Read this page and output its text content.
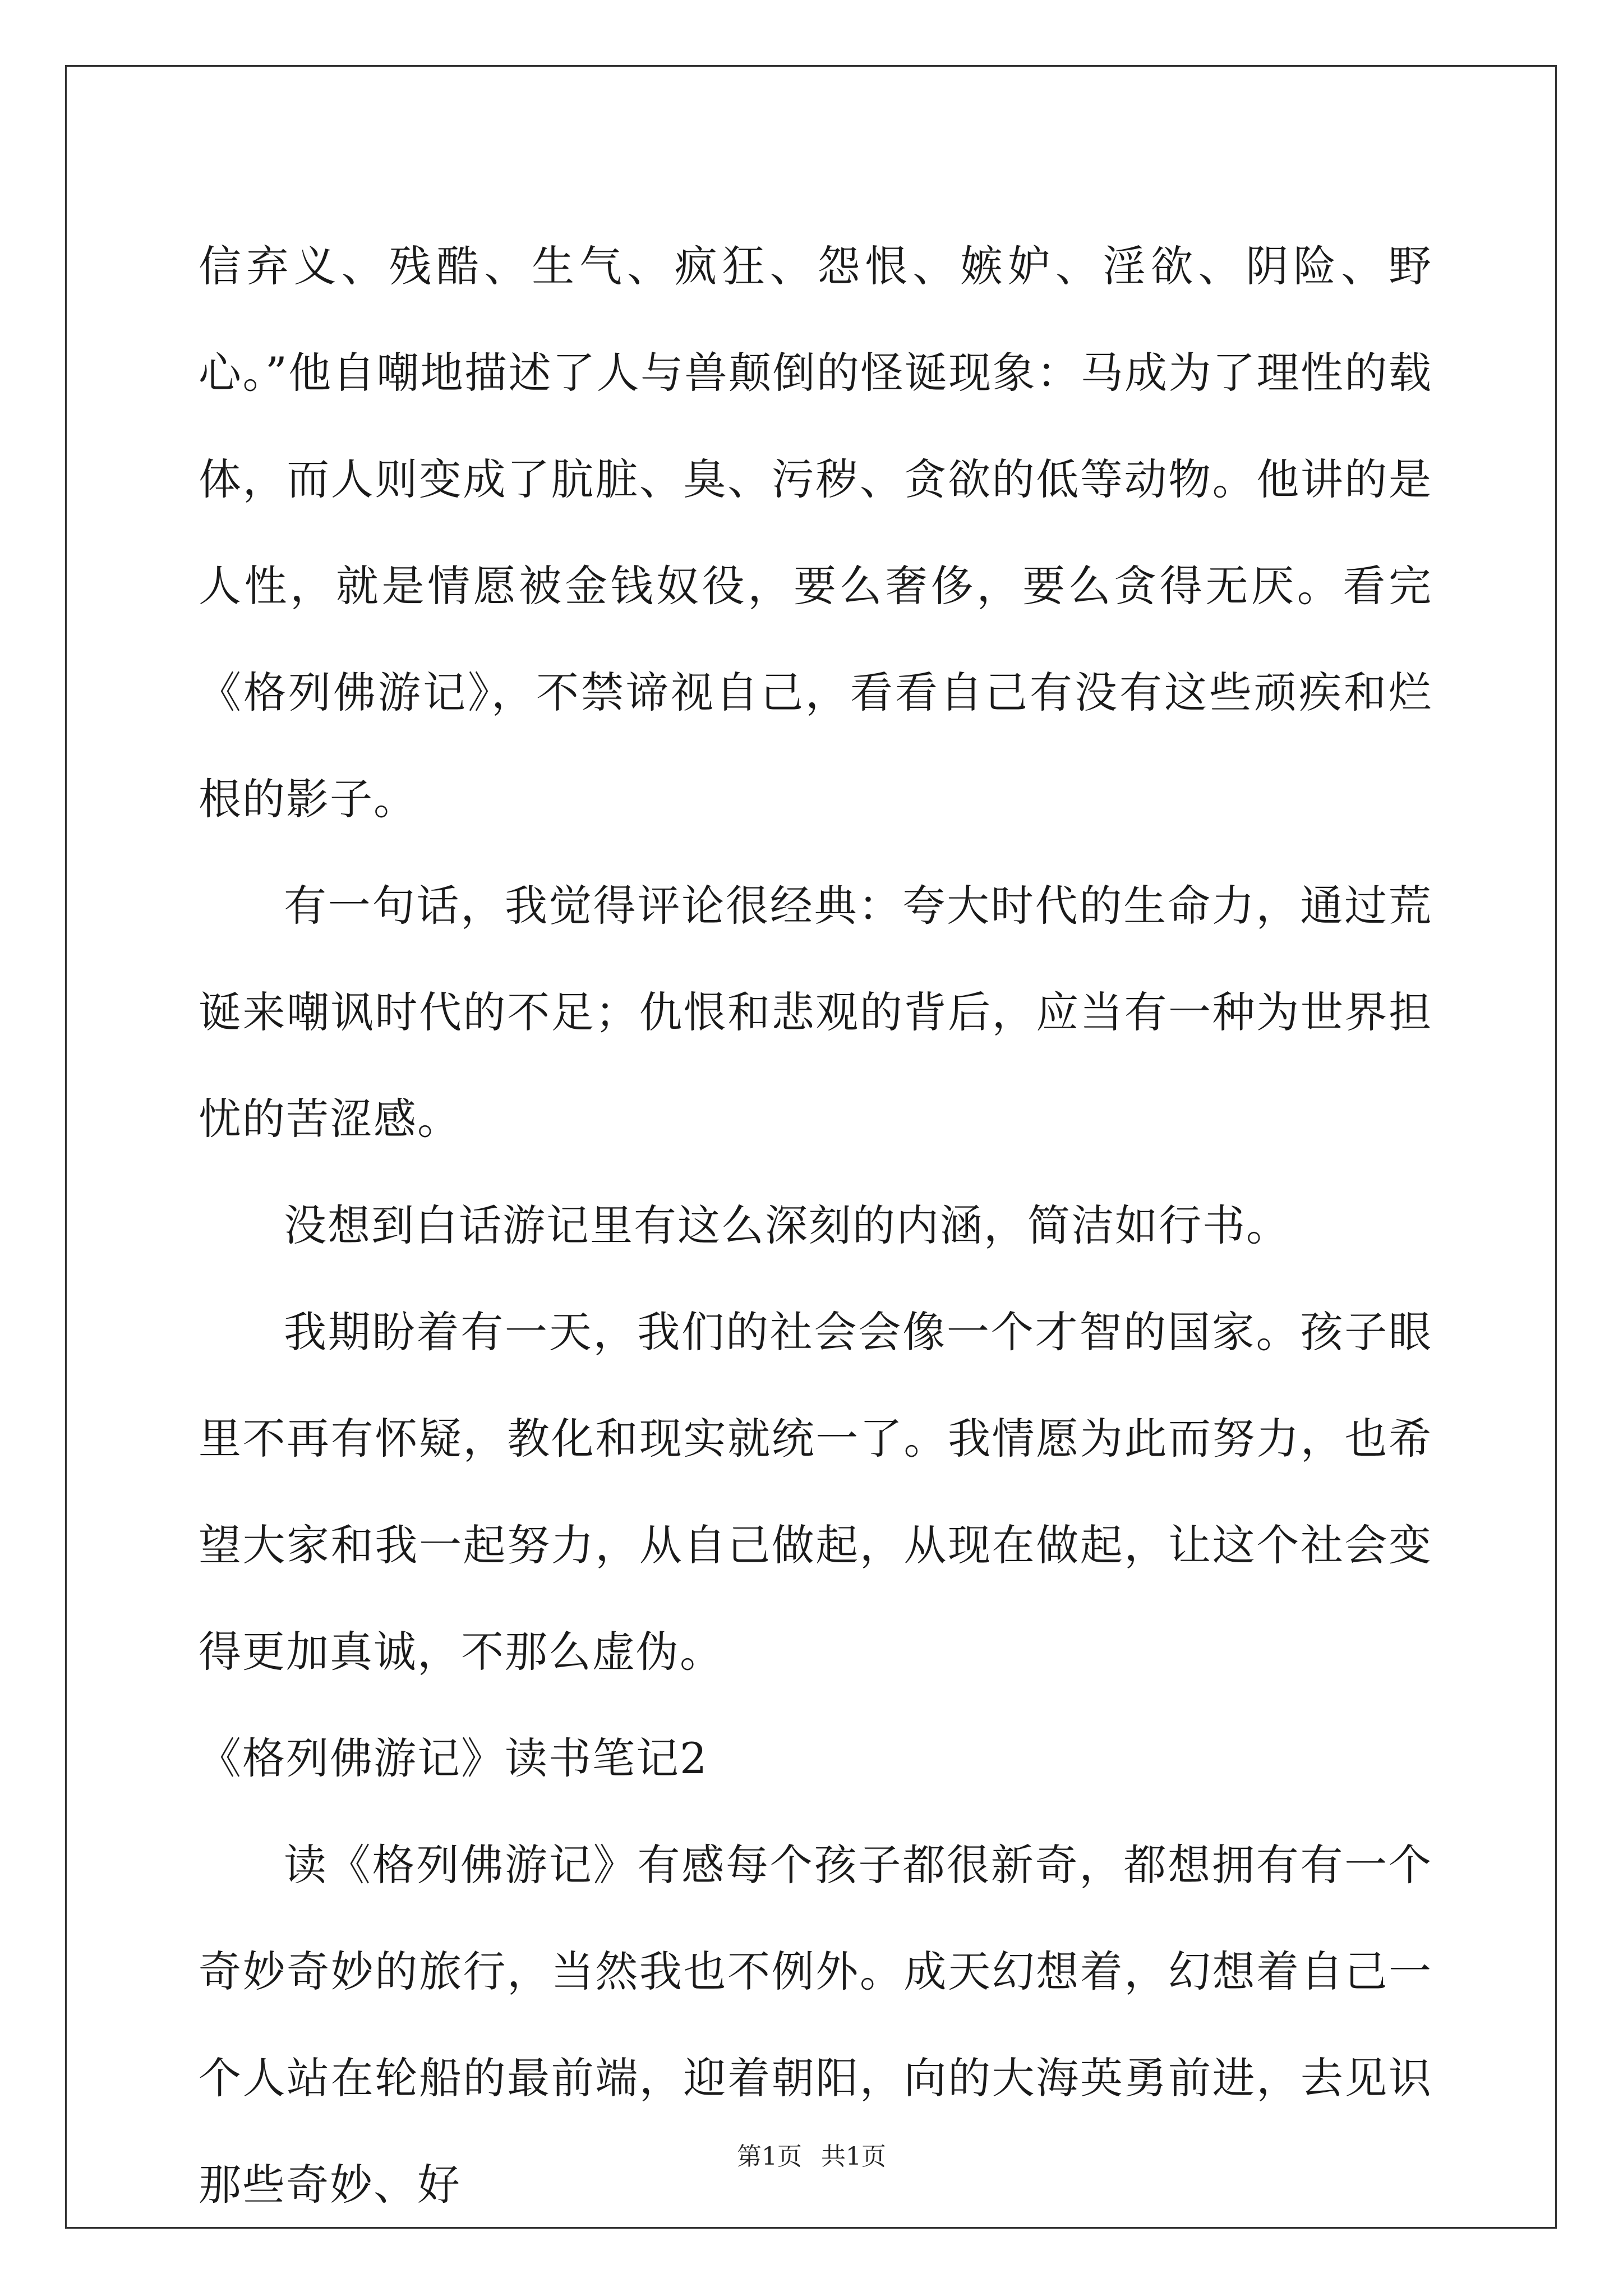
信弃义、残酷、生气、疯狂、怨恨、嫉妒、淫欲、阴险、野心。”他自嘲地描述了人与兽颠倒的怪诞现象：马成为了理性的载体，而人则变成了肮脏、臭、污秽、贪欲的低等动物。他讲的是人性，就是情愿被金钱奴役，要么奢侈，要么贪得无厌。看完《格列佛游记》，不禁谛视自己，看看自己有没有这些顽疾和烂根的影子。

有一句话，我觉得评论很经典：夸大时代的生命力，通过荒诞来嘲讽时代的不足；仇恨和悲观的背后，应当有一种为世界担忧的苦涩感。

没想到白话游记里有这么深刻的内涵，简洁如行书。

我期盼着有一天，我们的社会会像一个才智的国家。孩子眼里不再有怀疑，教化和现实就统一了。我情愿为此而努力，也希望大家和我一起努力，从自己做起，从现在做起，让这个社会变得更加真诚，不那么虚伪。

《格列佛游记》读书笔记2

读《格列佛游记》有感每个孩子都很新奇，都想拥有有一个奇妙奇妙的旅行，当然我也不例外。成天幻想着，幻想着自己一个人站在轮船的最前端，迎着朝阳，向的大海英勇前进，去见识那些奇妙、好

第1页 共1页
